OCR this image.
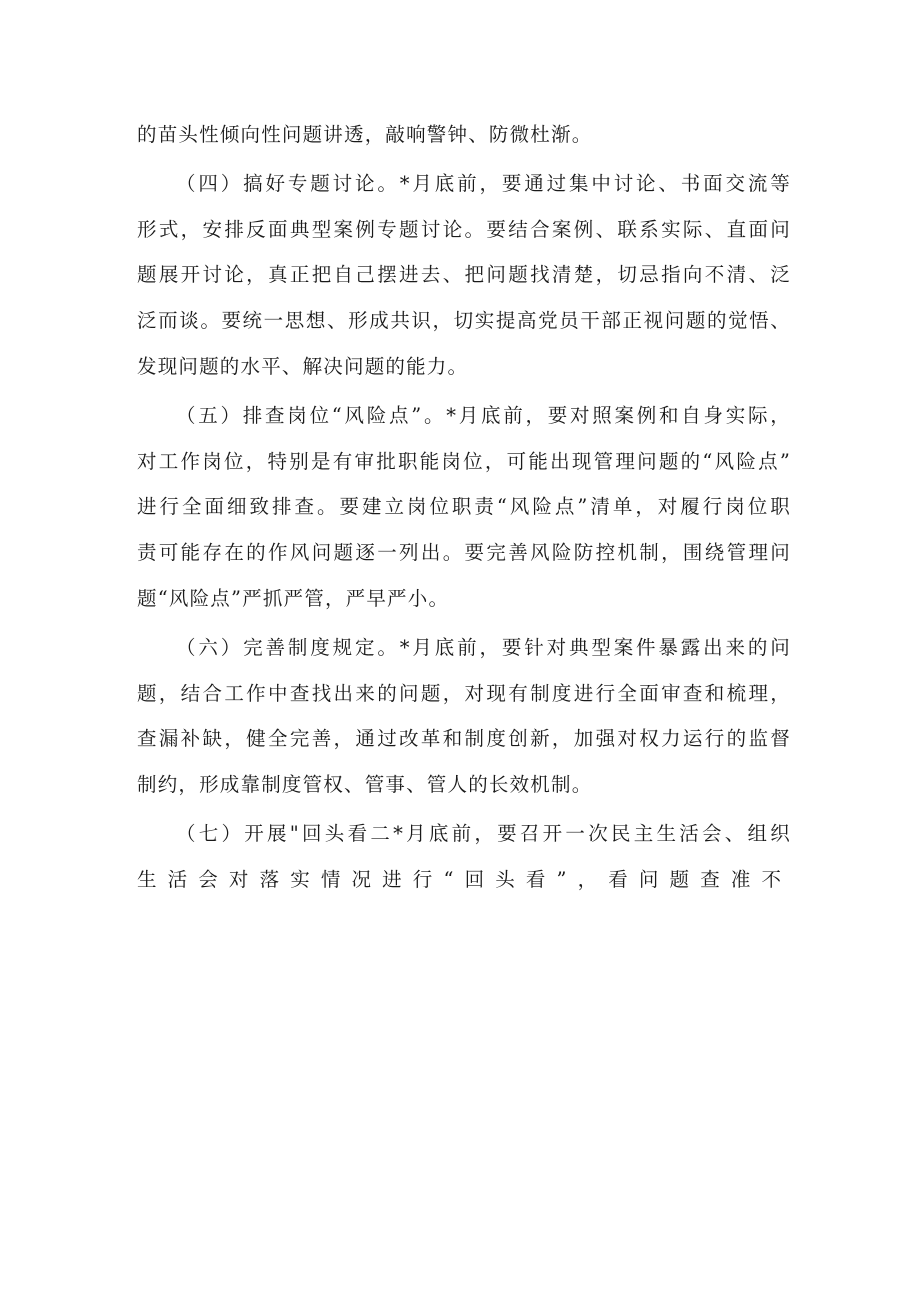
的苗头性倾向性问题讲透，敲响警钟、防微杜渐。
（四）搞好专题讨论。*月底前，要通过集中讨论、书面交流等
形式，安排反面典型案例专题讨论。要结合案例、联系实际、直面问
题展开讨论，真正把自己摆进去、把问题找清楚，切忌指向不清、泛
泛而谈。要统一思想、形成共识，切实提高党员干部正视问题的觉悟、
发现问题的水平、解决问题的能力。
（五）排查岗位“风险点”。*月底前，要对照案例和自身实际，
对工作岗位，特别是有审批职能岗位，可能出现管理问题的“风险点”
进行全面细致排查。要建立岗位职责“风险点”清单，对履行岗位职
责可能存在的作风问题逐一列出。要完善风险防控机制，围绕管理问
题“风险点”严抓严管，严早严小。
（六）完善制度规定。*月底前，要针对典型案件暴露出来的问
题，结合工作中查找出来的问题，对现有制度进行全面审查和梳理，
查漏补缺，健全完善，通过改革和制度创新，加强对权力运行的监督
制约，形成靠制度管权、管事、管人的长效机制。
（七）开展"回头看二*月底前，要召开一次民主生活会、组织
生活会对落实情况进行“回头看”，看问题查准不
